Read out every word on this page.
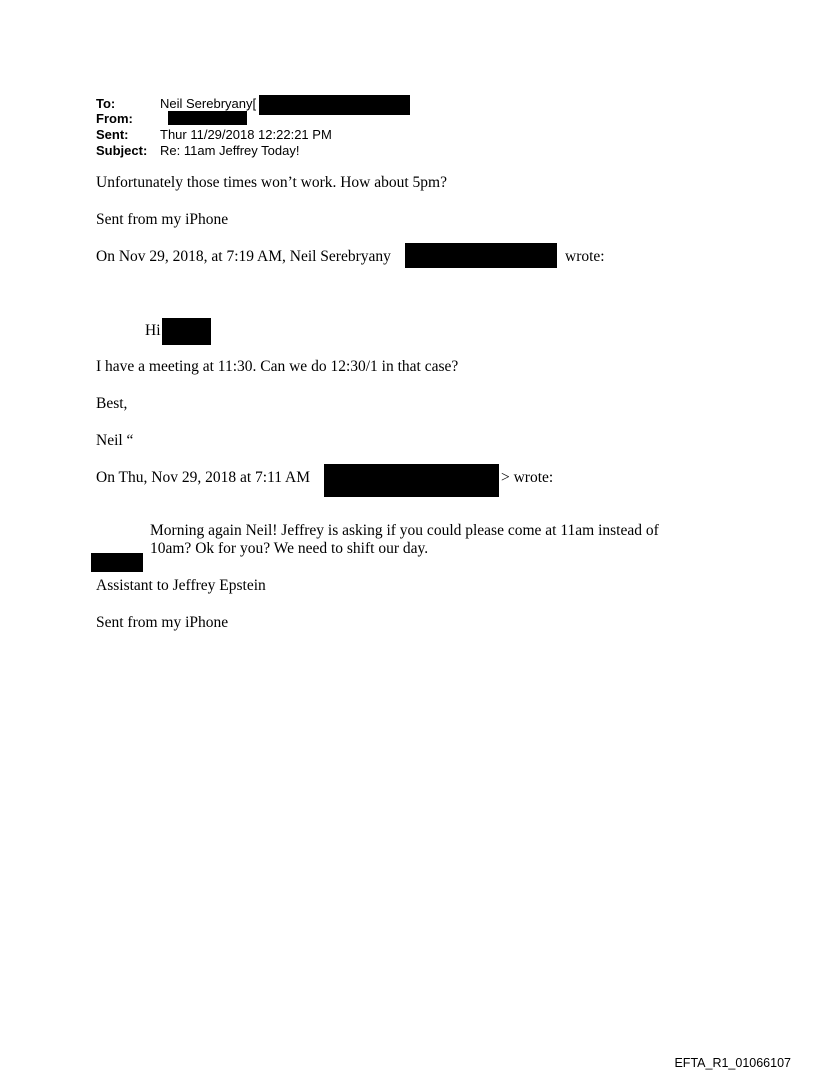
To:	Neil Serebryany[
From:
Sent: Thur 11/29/2018 12:22:21 PM
Subject: Re: 11am Jeffrey Today!
Unfortunately those times won’t work. How about 5pm?
Sent from my iPhone
On Nov 29, 2018, at 7:19 AM, Neil Serebryany	wrote:
Hi
I have a meeting at 11:30. Can we do 12:30/1 in that case?
Best,
Neil “
On Thu, Nov 29, 2018 at 7:11 AM	> wrote:
Morning again Neil! Jeffrey is asking if you could please come at 11am instead of
10am? Ok for you? We need to shift our day.
Assistant to Jeffrey Epstein
Sent from my iPhone
EFTA_R1_01066107
